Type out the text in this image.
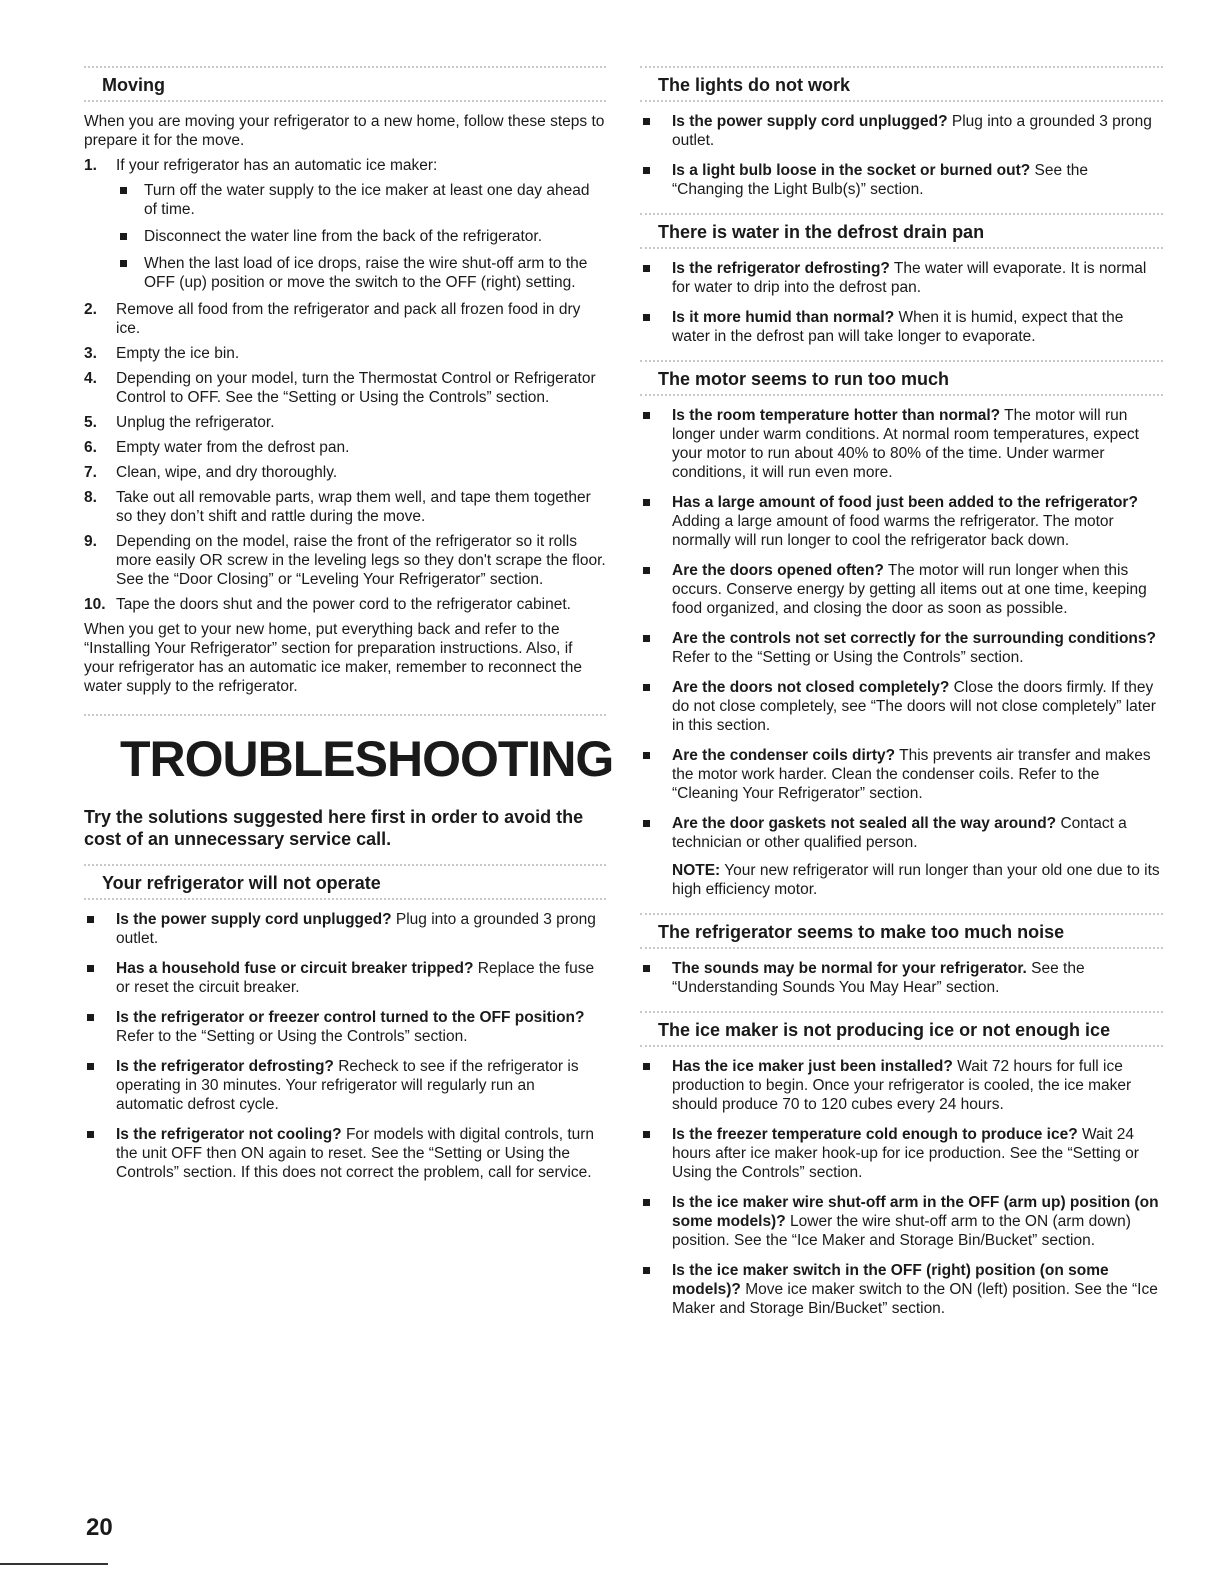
Moving

When you are moving your refrigerator to a new home, follow these steps to prepare it for the move.

1. If your refrigerator has an automatic ice maker:
Turn off the water supply to the ice maker at least one day ahead of time.
Disconnect the water line from the back of the refrigerator.
When the last load of ice drops, raise the wire shut-off arm to the OFF (up) position or move the switch to the OFF (right) setting.
2. Remove all food from the refrigerator and pack all frozen food in dry ice.
3. Empty the ice bin.
4. Depending on your model, turn the Thermostat Control or Refrigerator Control to OFF. See the “Setting or Using the Controls” section.
5. Unplug the refrigerator.
6. Empty water from the defrost pan.
7. Clean, wipe, and dry thoroughly.
8. Take out all removable parts, wrap them well, and tape them together so they don’t shift and rattle during the move.
9. Depending on the model, raise the front of the refrigerator so it rolls more easily OR screw in the leveling legs so they don't scrape the floor. See the “Door Closing” or “Leveling Your Refrigerator” section.
10. Tape the doors shut and the power cord to the refrigerator cabinet.

When you get to your new home, put everything back and refer to the “Installing Your Refrigerator” section for preparation instructions. Also, if your refrigerator has an automatic ice maker, remember to reconnect the water supply to the refrigerator.

TROUBLESHOOTING

Try the solutions suggested here first in order to avoid the cost of an unnecessary service call.

Your refrigerator will not operate
Is the power supply cord unplugged? Plug into a grounded 3 prong outlet.
Has a household fuse or circuit breaker tripped? Replace the fuse or reset the circuit breaker.
Is the refrigerator or freezer control turned to the OFF position? Refer to the “Setting or Using the Controls” section.
Is the refrigerator defrosting? Recheck to see if the refrigerator is operating in 30 minutes. Your refrigerator will regularly run an automatic defrost cycle.
Is the refrigerator not cooling? For models with digital controls, turn the unit OFF then ON again to reset. See the “Setting or Using the Controls” section. If this does not correct the problem, call for service.
The lights do not work
Is the power supply cord unplugged? Plug into a grounded 3 prong outlet.
Is a light bulb loose in the socket or burned out? See the “Changing the Light Bulb(s)” section.
There is water in the defrost drain pan
Is the refrigerator defrosting? The water will evaporate. It is normal for water to drip into the defrost pan.
Is it more humid than normal? When it is humid, expect that the water in the defrost pan will take longer to evaporate.
The motor seems to run too much
Is the room temperature hotter than normal? The motor will run longer under warm conditions. At normal room temperatures, expect your motor to run about 40% to 80% of the time. Under warmer conditions, it will run even more.
Has a large amount of food just been added to the refrigerator? Adding a large amount of food warms the refrigerator. The motor normally will run longer to cool the refrigerator back down.
Are the doors opened often? The motor will run longer when this occurs. Conserve energy by getting all items out at one time, keeping food organized, and closing the door as soon as possible.
Are the controls not set correctly for the surrounding conditions? Refer to the “Setting or Using the Controls” section.
Are the doors not closed completely? Close the doors firmly. If they do not close completely, see “The doors will not close completely” later in this section.
Are the condenser coils dirty? This prevents air transfer and makes the motor work harder. Clean the condenser coils. Refer to the “Cleaning Your Refrigerator” section.
Are the door gaskets not sealed all the way around? Contact a technician or other qualified person.
NOTE: Your new refrigerator will run longer than your old one due to its high efficiency motor.
The refrigerator seems to make too much noise
The sounds may be normal for your refrigerator. See the “Understanding Sounds You May Hear” section.
The ice maker is not producing ice or not enough ice
Has the ice maker just been installed? Wait 72 hours for full ice production to begin. Once your refrigerator is cooled, the ice maker should produce 70 to 120 cubes every 24 hours.
Is the freezer temperature cold enough to produce ice? Wait 24 hours after ice maker hook-up for ice production. See the “Setting or Using the Controls” section.
Is the ice maker wire shut-off arm in the OFF (arm up) position (on some models)? Lower the wire shut-off arm to the ON (arm down) position. See the “Ice Maker and Storage Bin/Bucket” section.
Is the ice maker switch in the OFF (right) position (on some models)? Move ice maker switch to the ON (left) position. See the “Ice Maker and Storage Bin/Bucket” section.
20
